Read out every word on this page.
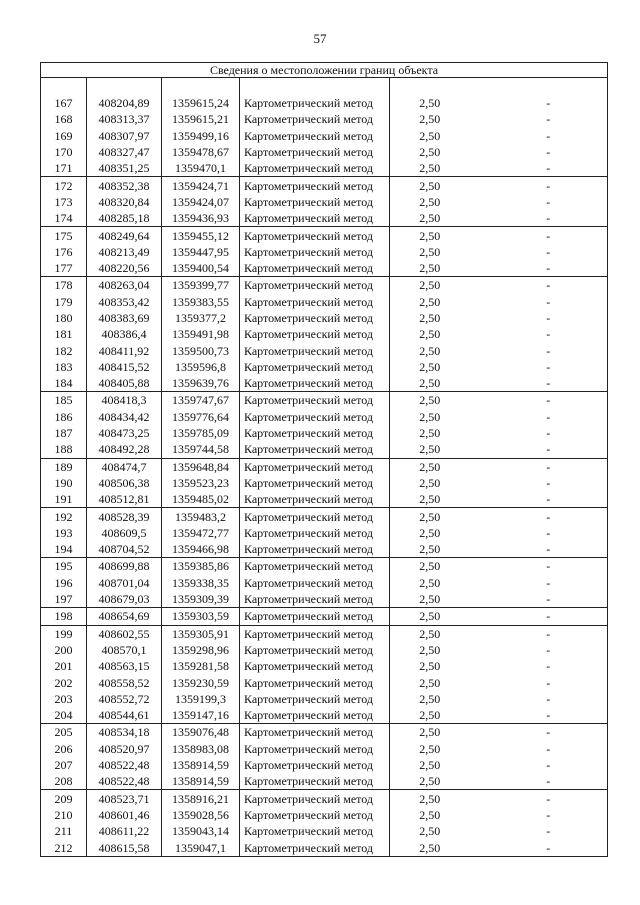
57
Сведения о местоположении границ объекта					

167	408204,89	1359615,24	Картометрический метод	2,50	-
168	408313,37	1359615,21	Картометрический метод	2,50	-
169	408307,97	1359499,16	Картометрический метод	2,50	-
170	408327,47	1359478,67	Картометрический метод	2,50	-
171	408351,25	1359470,1	Картометрический метод	2,50	-
172	408352,38	1359424,71	Картометрический метод	2,50	-
173	408320,84	1359424,07	Картометрический метод	2,50	-
174	408285,18	1359436,93	Картометрический метод	2,50	-
175	408249,64	1359455,12	Картометрический метод	2,50	-
176	408213,49	1359447,95	Картометрический метод	2,50	-
177	408220,56	1359400,54	Картометрический метод	2,50	-
178	408263,04	1359399,77	Картометрический метод	2,50	-
179	408353,42	1359383,55	Картометрический метод	2,50	-
180	408383,69	1359377,2	Картометрический метод	2,50	-
181	408386,4	1359491,98	Картометрический метод	2,50	-
182	408411,92	1359500,73	Картометрический метод	2,50	-
183	408415,52	1359596,8	Картометрический метод	2,50	-
184	408405,88	1359639,76	Картометрический метод	2,50	-
185	408418,3	1359747,67	Картометрический метод	2,50	-
186	408434,42	1359776,64	Картометрический метод	2,50	-
187	408473,25	1359785,09	Картометрический метод	2,50	-
188	408492,28	1359744,58	Картометрический метод	2,50	-
189	408474,7	1359648,84	Картометрический метод	2,50	-
190	408506,38	1359523,23	Картометрический метод	2,50	-
191	408512,81	1359485,02	Картометрический метод	2,50	-
192	408528,39	1359483,2	Картометрический метод	2,50	-
193	408609,5	1359472,77	Картометрический метод	2,50	-
194	408704,52	1359466,98	Картометрический метод	2,50	-
195	408699,88	1359385,86	Картометрический метод	2,50	-
196	408701,04	1359338,35	Картометрический метод	2,50	-
197	408679,03	1359309,39	Картометрический метод	2,50	-
198	408654,69	1359303,59	Картометрический метод	2,50	-
199	408602,55	1359305,91	Картометрический метод	2,50	-
200	408570,1	1359298,96	Картометрический метод	2,50	-
201	408563,15	1359281,58	Картометрический метод	2,50	-
202	408558,52	1359230,59	Картометрический метод	2,50	-
203	408552,72	1359199,3	Картометрический метод	2,50	-
204	408544,61	1359147,16	Картометрический метод	2,50	-
205	408534,18	1359076,48	Картометрический метод	2,50	-
206	408520,97	1358983,08	Картометрический метод	2,50	-
207	408522,48	1358914,59	Картометрический метод	2,50	-
208	408522,48	1358914,59	Картометрический метод	2,50	-
209	408523,71	1358916,21	Картометрический метод	2,50	-
210	408601,46	1359028,56	Картометрический метод	2,50	-
211	408611,22	1359043,14	Картометрический метод	2,50	-
212	408615,58	1359047,1	Картометрический метод	2,50	-
